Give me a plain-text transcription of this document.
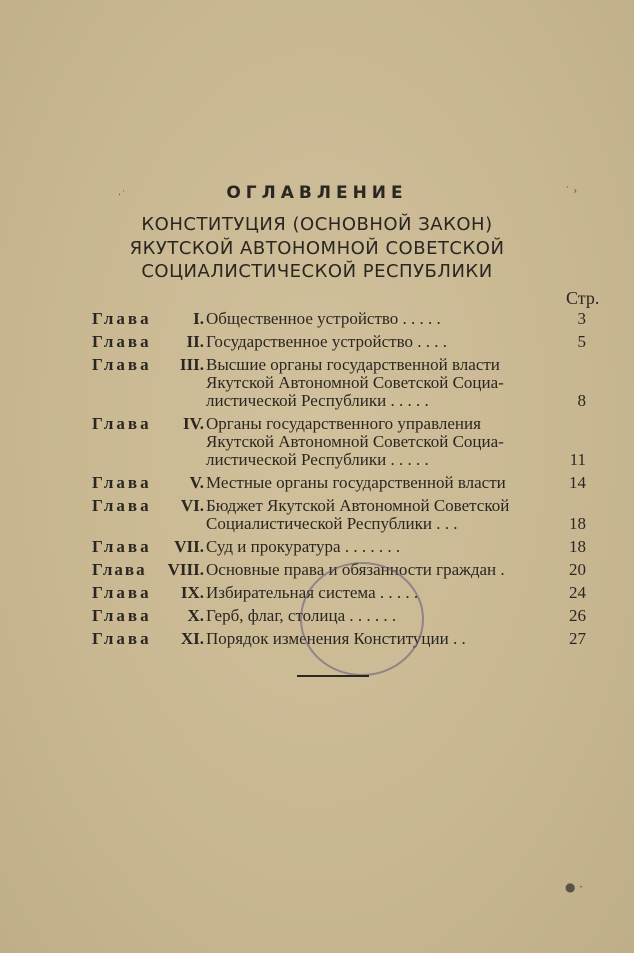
·˙	˙ ›
ОГЛАВЛЕНИЕ
КОНСТИТУЦИЯ (ОСНОВНОЙ ЗАКОН)
ЯКУТСКОЙ АВТОНОМНОЙ СОВЕТСКОЙ
СОЦИАЛИСТИЧЕСКОЙ РЕСПУБЛИКИ
Стр.
Глава	I. Общественное устройство . . . . .	3
Глава	II. Государственное устройство . . . .	5
Глава	III. Высшие органы государственной власти
Якутской Автономной Советской Социа-
листической Республики . . . . .	8
Глава	IV. Органы государственного управления
Якутской Автономной Советской Социа-
листической Республики . . . . .	11
Глава	V. Местные органы государственной власти	14
Глава	VI. Бюджет Якутской Автономной Советской
Социалистической Республики . . .	18
Глава	VII. Суд и прокуратура . . . . . . .	18
Глава	VIII. Основные права и обязанности граждан .	20
Глава	IX. Избирательная система . . . . .	24
Глава	X. Герб, флаг, столица . . . . . .	26
Глава	XI. Порядок изменения Конституции . .	27
● ·
